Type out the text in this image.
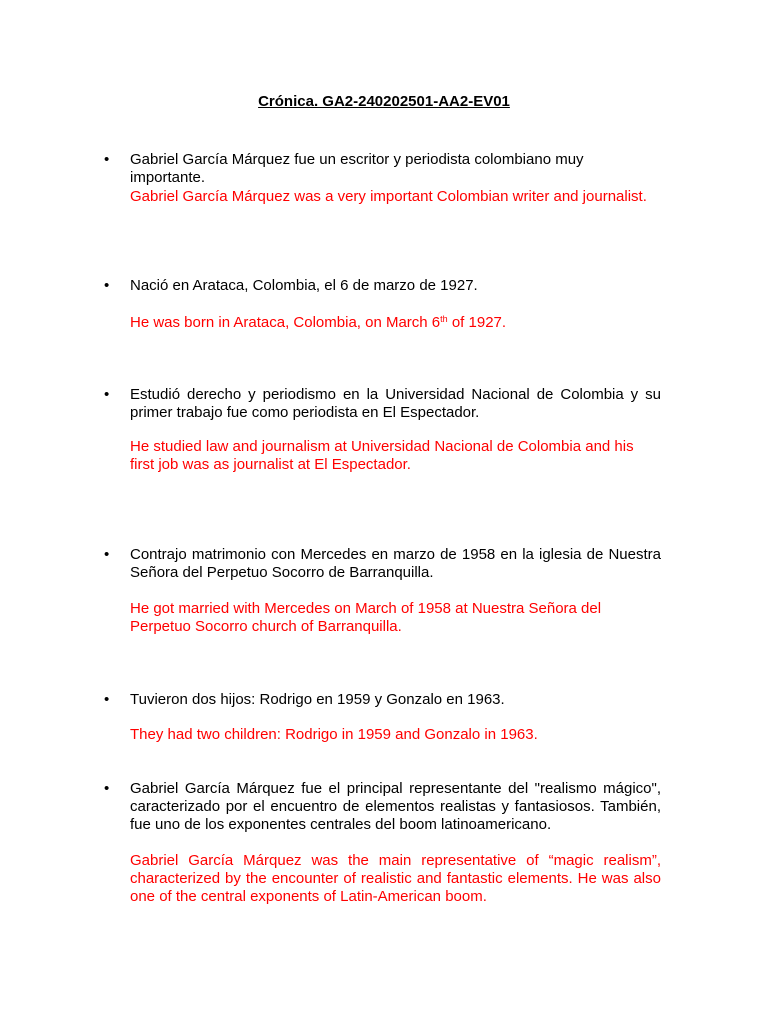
Crónica. GA2-240202501-AA2-EV01
• Gabriel García Márquez fue un escritor y periodista colombiano muy importante.

Gabriel García Márquez was a very important Colombian writer and journalist.

• Nació en Arataca, Colombia, el 6 de marzo de 1927.

He was born in Arataca, Colombia, on March 6th of 1927.

• Estudió derecho y periodismo en la Universidad Nacional de Colombia y su primer trabajo fue como periodista en El Espectador.

He studied law and journalism at Universidad Nacional de Colombia and his first job was as journalist at El Espectador.

• Contrajo matrimonio con Mercedes en marzo de 1958 en la iglesia de Nuestra Señora del Perpetuo Socorro de Barranquilla.

He got married with Mercedes on March of 1958 at Nuestra Señora del Perpetuo Socorro church of Barranquilla.

• Tuvieron dos hijos: Rodrigo en 1959 y Gonzalo en 1963.

They had two children: Rodrigo in 1959 and Gonzalo in 1963.

• Gabriel García Márquez fue el principal representante del "realismo mágico", caracterizado por el encuentro de elementos realistas y fantasiosos. También, fue uno de los exponentes centrales del boom latinoamericano.

Gabriel García Márquez was the main representative of “magic realism”, characterized by the encounter of realistic and fantastic elements. He was also one of the central exponents of Latin-American boom.
